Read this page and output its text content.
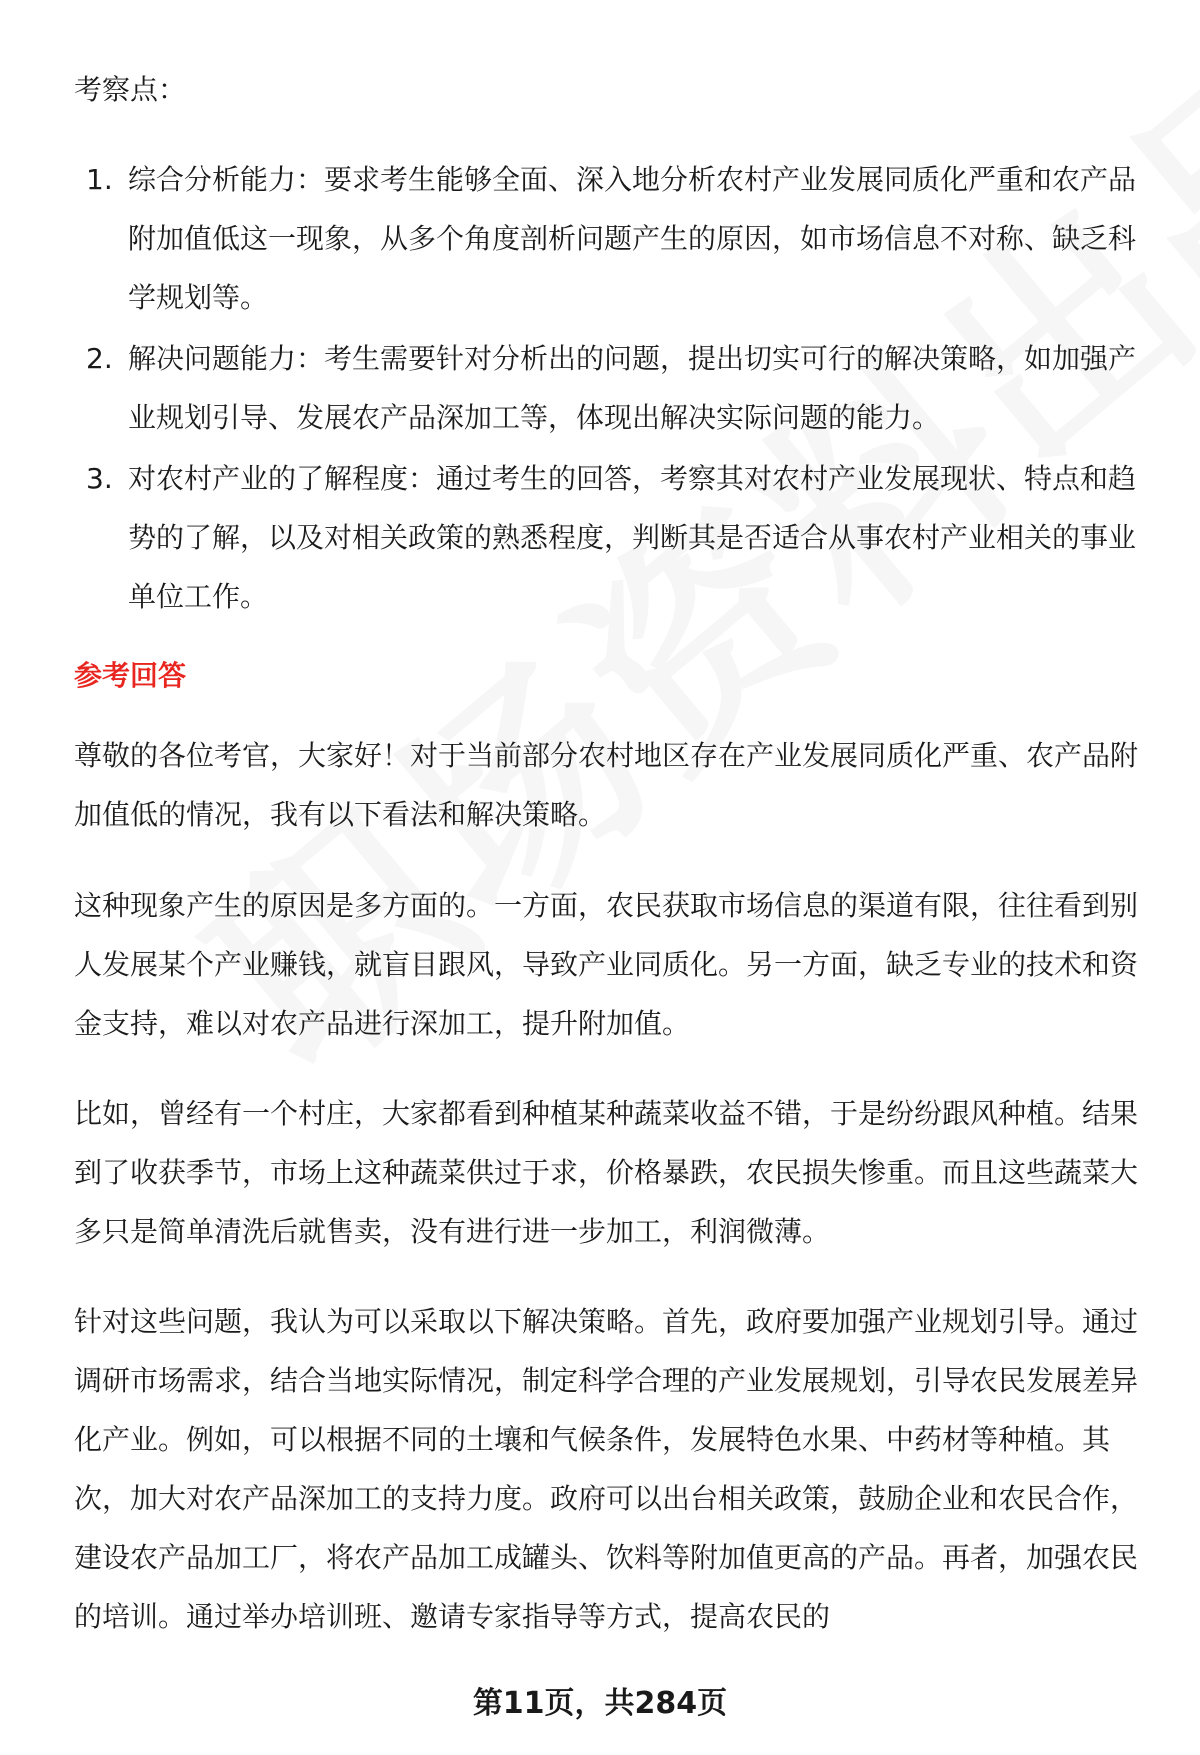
考察点：

1. 综合分析能力：要求考生能够全面、深入地分析农村产业发展同质化严重和农产品附加值低这一现象，从多个角度剖析问题产生的原因，如市场信息不对称、缺乏科学规划等。
2. 解决问题能力：考生需要针对分析出的问题，提出切实可行的解决策略，如加强产业规划引导、发展农产品深加工等，体现出解决实际问题的能力。
3. 对农村产业的了解程度：通过考生的回答，考察其对农村产业发展现状、特点和趋势的了解，以及对相关政策的熟悉程度，判断其是否适合从事农村产业相关的事业单位工作。

参考回答

尊敬的各位考官，大家好！对于当前部分农村地区存在产业发展同质化严重、农产品附加值低的情况，我有以下看法和解决策略。

这种现象产生的原因是多方面的。一方面，农民获取市场信息的渠道有限，往往看到别人发展某个产业赚钱，就盲目跟风，导致产业同质化。另一方面，缺乏专业的技术和资金支持，难以对农产品进行深加工，提升附加值。

比如，曾经有一个村庄，大家都看到种植某种蔬菜收益不错，于是纷纷跟风种植。结果到了收获季节，市场上这种蔬菜供过于求，价格暴跌，农民损失惨重。而且这些蔬菜大多只是简单清洗后就售卖，没有进行进一步加工，利润微薄。

针对这些问题，我认为可以采取以下解决策略。首先，政府要加强产业规划引导。通过调研市场需求，结合当地实际情况，制定科学合理的产业发展规划，引导农民发展差异化产业。例如，可以根据不同的土壤和气候条件，发展特色水果、中药材等种植。其次，加大对农产品深加工的支持力度。政府可以出台相关政策，鼓励企业和农民合作，建设农产品加工厂，将农产品加工成罐头、饮料等附加值更高的产品。再者，加强农民的培训。通过举办培训班、邀请专家指导等方式，提高农民的

第11页，共284页
